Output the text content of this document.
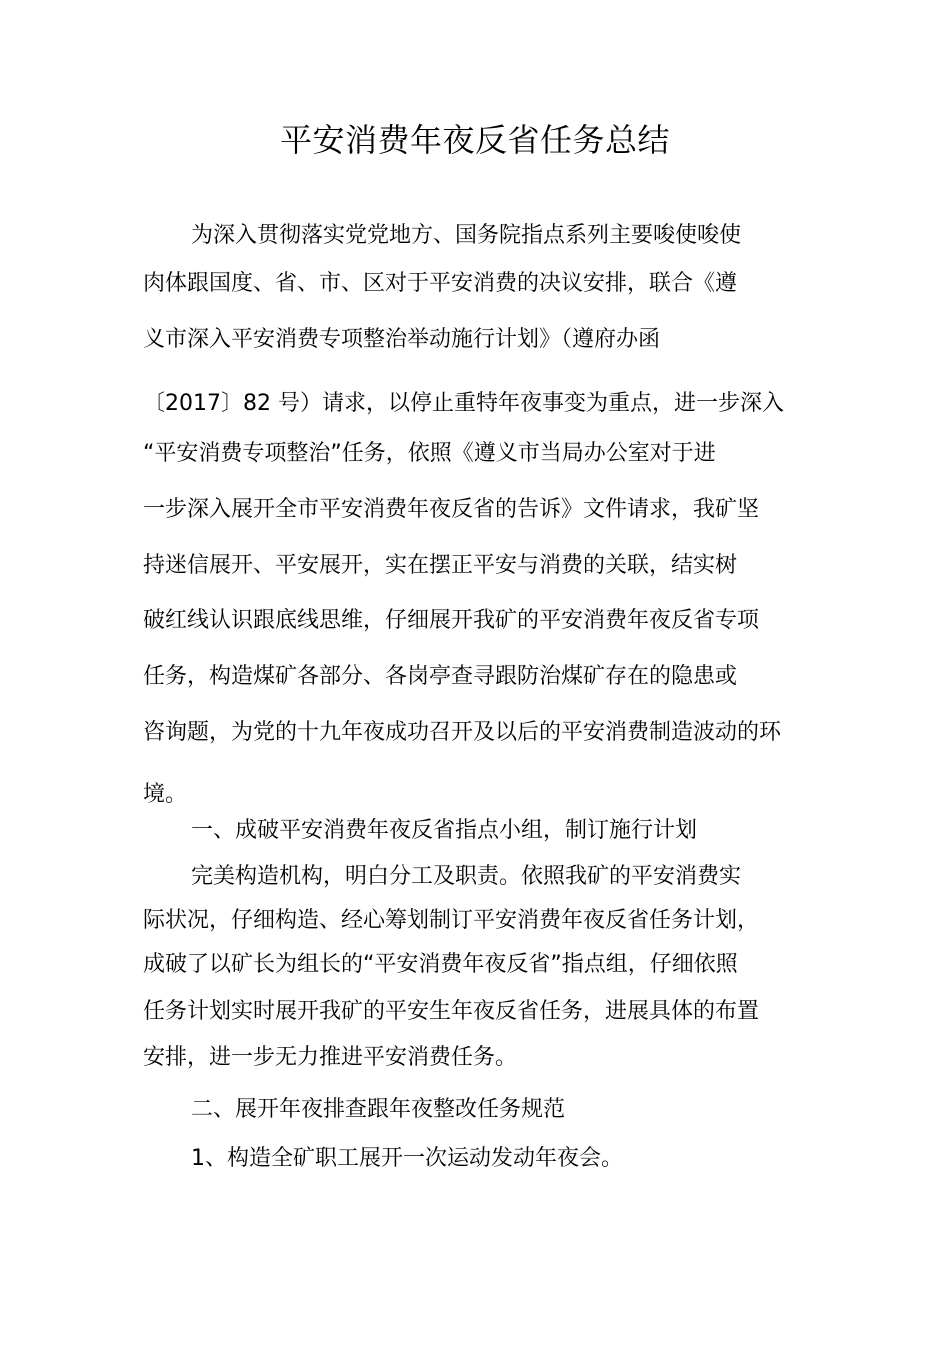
平安消费年夜反省任务总结

为深入贯彻落实党党地方、国务院指点系列主要唆使唆使

肉体跟国度、省、市、区对于平安消费的决议安排，联合《遵

义市深入平安消费专项整治举动施行计划》（遵府办函

〔2017〕82 号）请求，以停止重特年夜事变为重点，进一步深入

“平安消费专项整治”任务，依照《遵义市当局办公室对于进

一步深入展开全市平安消费年夜反省的告诉》文件请求，我矿坚

持迷信展开、平安展开，实在摆正平安与消费的关联，结实树

破红线认识跟底线思维，仔细展开我矿的平安消费年夜反省专项

任务，构造煤矿各部分、各岗亭查寻跟防治煤矿存在的隐患或

咨询题，为党的十九年夜成功召开及以后的平安消费制造波动的环

境。

一、成破平安消费年夜反省指点小组，制订施行计划

完美构造机构，明白分工及职责。依照我矿的平安消费实

际状况，仔细构造、经心筹划制订平安消费年夜反省任务计划，

成破了以矿长为组长的“平安消费年夜反省”指点组，仔细依照

任务计划实时展开我矿的平安生年夜反省任务，进展具体的布置

安排，进一步无力推进平安消费任务。

二、展开年夜排查跟年夜整改任务规范

1、构造全矿职工展开一次运动发动年夜会。
